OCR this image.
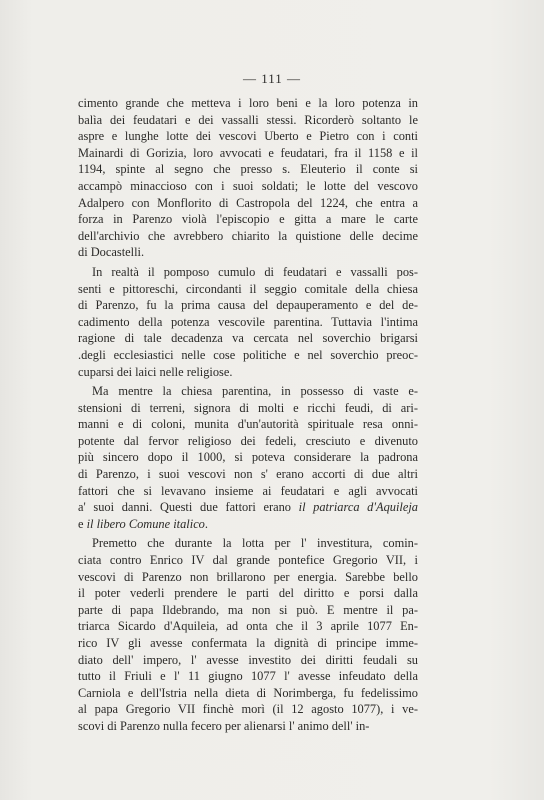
— 111 —
cimento grande che metteva i loro beni e la loro potenza in
balìa dei feudatari e dei vassalli stessi. Ricorderò soltanto le
aspre e lunghe lotte dei vescovi Uberto e Pietro con i conti
Mainardi di Gorizia, loro avvocati e feudatari, fra il 1158 e il
1194, spinte al segno che presso s. Eleuterio il conte si
accampò minaccioso con i suoi soldati; le lotte del vescovo
Adalpero con Monflorito di Castropola del 1224, che entra a
forza in Parenzo violà l'episcopio e gitta a mare le carte
dell'archivio che avrebbero chiarito la quistione delle decime
di Docastelli.
In realtà il pomposo cumulo di feudatari e vassalli pos-
senti e pittoreschi, circondanti il seggio comitale della chiesa
di Parenzo, fu la prima causa del depauperamento e del de-
cadimento della potenza vescovile parentina. Tuttavia l'intima
ragione di tale decadenza va cercata nel soverchio brigarsi
.degli ecclesiastici nelle cose politiche e nel soverchio preoc-
cuparsi dei laici nelle religiose.
Ma mentre la chiesa parentina, in possesso di vaste e-
stensioni di terreni, signora di molti e ricchi feudi, di ari-
manni e di coloni, munita d'un'autorità spirituale resa onni-
potente dal fervor religioso dei fedeli, cresciuto e divenuto
più sincero dopo il 1000, si poteva considerare la padrona
di Parenzo, i suoi vescovi non s' erano accorti di due altri
fattori che si levavano insieme ai feudatari e agli avvocati
a' suoi danni. Questi due fattori erano il patriarca d'Aquileja
e il libero Comune italico.
Premetto che durante la lotta per l' investitura, comin-
ciata contro Enrico IV dal grande pontefice Gregorio VII, i
vescovi di Parenzo non brillarono per energia. Sarebbe bello
il poter vederli prendere le parti del diritto e porsi dalla
parte di papa Ildebrando, ma non si può. E mentre il pa-
triarca Sicardo d'Aquileia, ad onta che il 3 aprile 1077 En-
rico IV gli avesse confermata la dignità di principe imme-
diato dell' impero, l' avesse investito dei diritti feudali su
tutto il Friuli e l' 11 giugno 1077 l' avesse infeudato della
Carniola e dell'Istria nella dieta di Norimberga, fu fedelissimo
al papa Gregorio VII finchè morì (il 12 agosto 1077), i ve-
scovi di Parenzo nulla fecero per alienarsi l' animo dell' in-
